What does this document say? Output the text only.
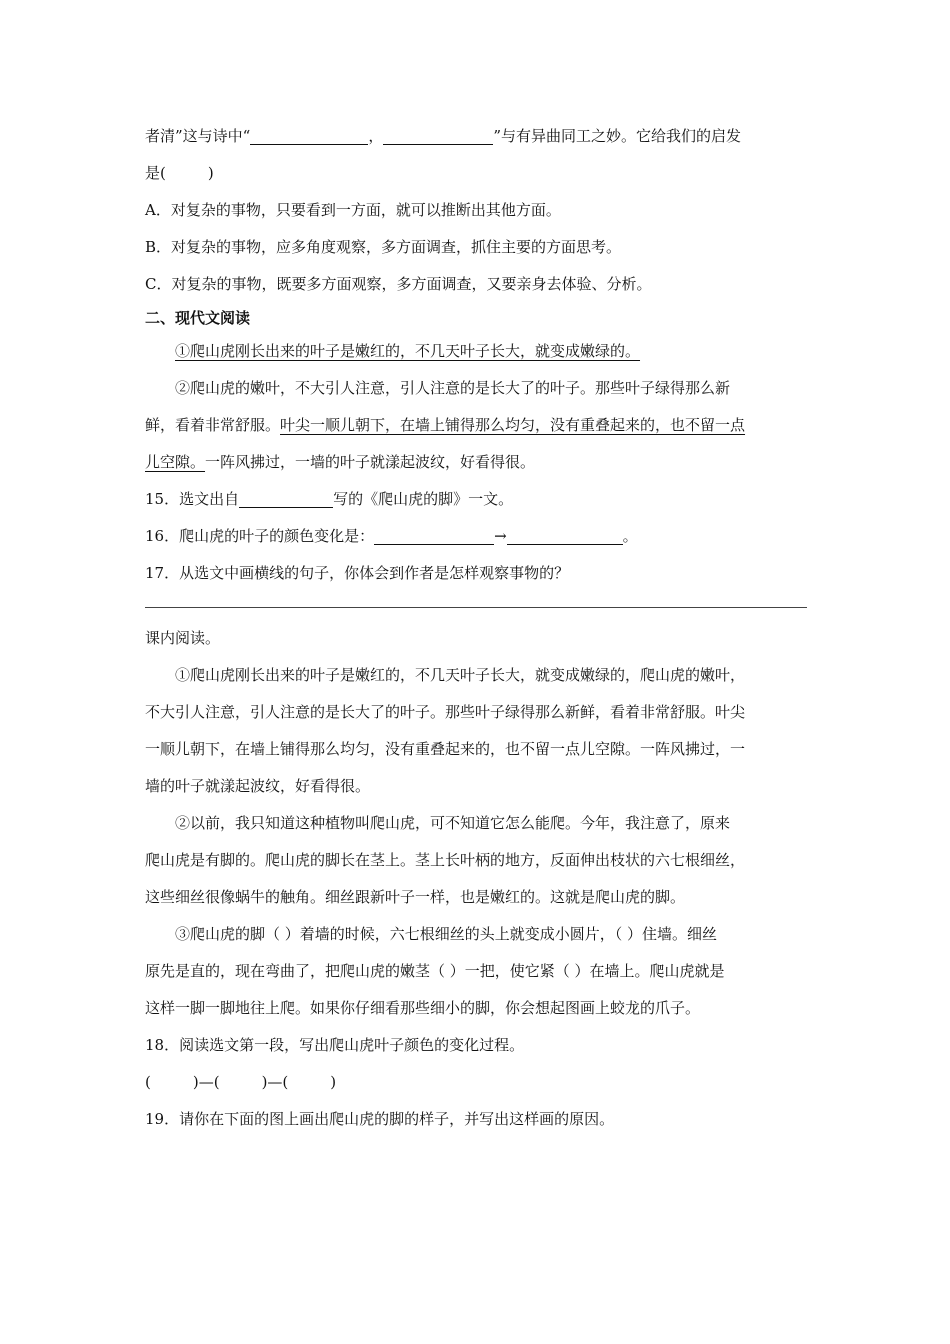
者清”这与诗中“	，	”与有异曲同工之妙。它给我们的启发
是(	)
A．对复杂的事物，只要看到一方面，就可以推断出其他方面。
B．对复杂的事物，应多角度观察，多方面调查，抓住主要的方面思考。
C．对复杂的事物，既要多方面观察，多方面调查，又要亲身去体验、分析。
二、现代文阅读
①爬山虎刚长出来的叶子是嫩红的，不几天叶子长大，就变成嫩绿的。
②爬山虎的嫩叶，不大引人注意，引人注意的是长大了的叶子。那些叶子绿得那么新
鲜，看着非常舒服。叶尖一顺儿朝下，在墙上铺得那么均匀，没有重叠起来的，也不留一点
儿空隙。一阵风拂过，一墙的叶子就漾起波纹，好看得很。
15．选文出自	写的《爬山虎的脚》一文。
16．爬山虎的叶子的颜色变化是：	→	。
17．从选文中画横线的句子，你体会到作者是怎样观察事物的？
课内阅读。
①爬山虎刚长出来的叶子是嫩红的，不几天叶子长大，就变成嫩绿的，爬山虎的嫩叶，
不大引人注意，引人注意的是长大了的叶子。那些叶子绿得那么新鲜，看着非常舒服。叶尖
一顺儿朝下，在墙上铺得那么均匀，没有重叠起来的，也不留一点儿空隙。一阵风拂过，一
墙的叶子就漾起波纹，好看得很。
②以前，我只知道这种植物叫爬山虎，可不知道它怎么能爬。今年，我注意了，原来
爬山虎是有脚的。爬山虎的脚长在茎上。茎上长叶柄的地方，反面伸出枝状的六七根细丝，
这些细丝很像蜗牛的触角。细丝跟新叶子一样，也是嫩红的。这就是爬山虎的脚。
③爬山虎的脚（ ）着墙的时候，六七根细丝的头上就变成小圆片，（ ）住墙。细丝
原先是直的，现在弯曲了，把爬山虎的嫩茎（ ）一把，使它紧（ ）在墙上。爬山虎就是
这样一脚一脚地往上爬。如果你仔细看那些细小的脚，你会想起图画上蛟龙的爪子。
18．阅读选文第一段，写出爬山虎叶子颜色的变化过程。
(	)—(	)—(	)
19．请你在下面的图上画出爬山虎的脚的样子，并写出这样画的原因。
